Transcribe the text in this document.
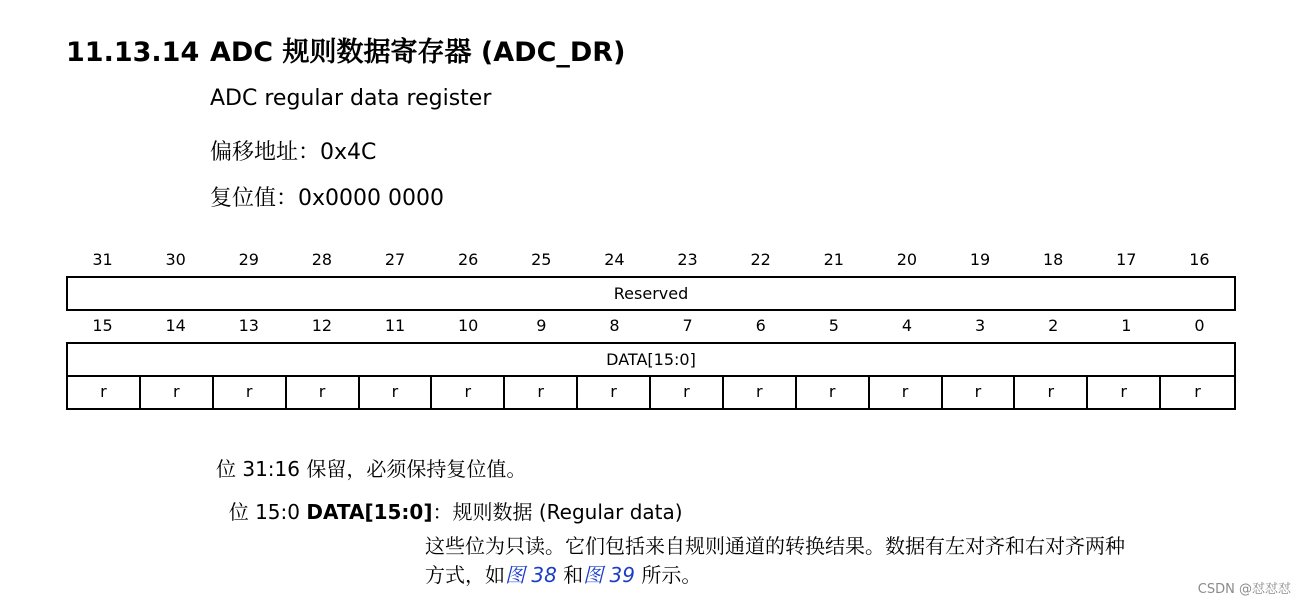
11.13.14 ADC 规则数据寄存器 (ADC_DR)
ADC regular data register
偏移地址：0x4C
复位值：0x0000 0000
31	30	29	28	27	26	25	24	23	22	21	20	19	18	17	16
Reserved
15	14	13	12	11	10	9	8	7	6	5	4	3	2	1	0
DATA[15:0]
r	r	r	r	r	r	r	r	r	r	r	r	r	r	r	r
位 31:16 保留，必须保持复位值。
位 15:0 DATA[15:0]：规则数据 (Regular data)
这些位为只读。它们包括来自规则通道的转换结果。数据有左对齐和右对齐两种
方式，如图 38 和图 39 所示。
CSDN @怼怼怼
